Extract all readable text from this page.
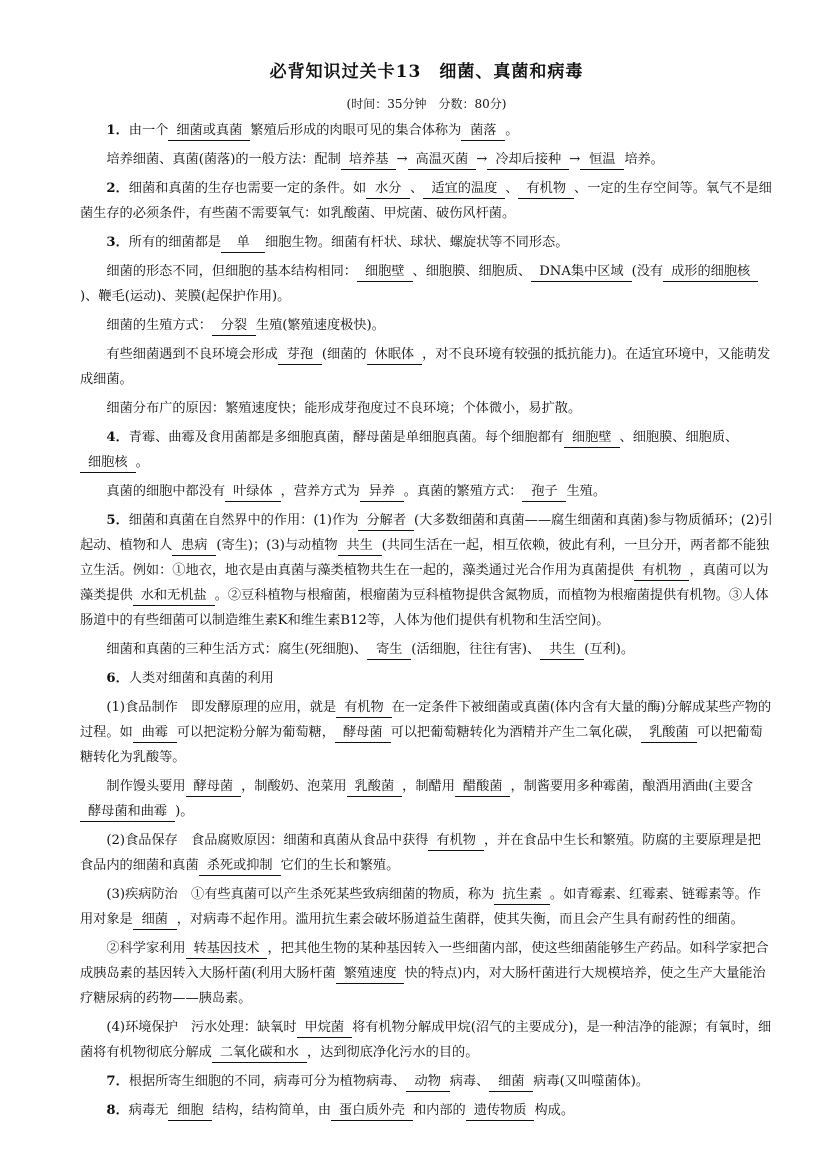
必背知识过关卡13　细菌、真菌和病毒
(时间：35分钟　分数：80分)
1．由一个 细菌或真菌 繁殖后形成的肉眼可见的集合体称为 菌落 。
培养细菌、真菌(菌落)的一般方法：配制 培养基 → 高温灭菌 → 冷却后接种 → 恒温 培养。
2．细菌和真菌的生存也需要一定的条件。如 水分 、 适宜的温度 、 有机物 、一定的生存空间等。氧气不是细菌生存的必须条件，有些菌不需要氧气：如乳酸菌、甲烷菌、破伤风杆菌。
3．所有的细菌都是 单 细胞生物。细菌有杆状、球状、螺旋状等不同形态。
细菌的形态不同，但细胞的基本结构相同： 细胞壁 、细胞膜、细胞质、 DNA集中区域 (没有 成形的细胞核)、鞭毛(运动)、荚膜(起保护作用)。
细菌的生殖方式： 分裂 生殖(繁殖速度极快)。
有些细菌遇到不良环境会形成 芽孢 (细菌的 休眠体 ，对不良环境有较强的抵抗能力)。在适宜环境中，又能萌发成细菌。
细菌分布广的原因：繁殖速度快；能形成芽孢度过不良环境；个体微小，易扩散。
4．青霉、曲霉及食用菌都是多细胞真菌，酵母菌是单细胞真菌。每个细胞都有 细胞壁 、细胞膜、细胞质、细胞核 。
真菌的细胞中都没有 叶绿体 ，营养方式为 异养 。真菌的繁殖方式： 孢子 生殖。
5．细菌和真菌在自然界中的作用：(1)作为 分解者 (大多数细菌和真菌——腐生细菌和真菌)参与物质循环；(2)引起动、植物和人 患病 (寄生)；(3)与动植物 共生 (共同生活在一起，相互依赖，彼此有利，一旦分开，两者都不能独立生活。例如：①地衣，地衣是由真菌与藻类植物共生在一起的，藻类通过光合作用为真菌提供 有机物 ，真菌可以为藻类提供 水和无机盐 。②豆科植物与根瘤菌，根瘤菌为豆科植物提供含氮物质，而植物为根瘤菌提供有机物。③人体肠道中的有些细菌可以制造维生素K和维生素B12等，人体为他们提供有机物和生活空间)。
细菌和真菌的三种生活方式：腐生(死细胞)、 寄生 (活细胞，往往有害)、 共生 (互利)。
6．人类对细菌和真菌的利用
(1)食品制作　即发酵原理的应用，就是 有机物 在一定条件下被细菌或真菌(体内含有大量的酶)分解成某些产物的过程。如 曲霉 可以把淀粉分解为葡萄糖， 酵母菌 可以把葡萄糖转化为酒精并产生二氧化碳， 乳酸菌 可以把葡萄糖转化为乳酸等。
制作馒头要用 酵母菌 ，制酸奶、泡菜用 乳酸菌 ，制醋用 醋酸菌 ，制酱要用多种霉菌，酿酒用酒曲(主要含酵母菌和曲霉 )。
(2)食品保存　食品腐败原因：细菌和真菌从食品中获得 有机物 ，并在食品中生长和繁殖。防腐的主要原理是把食品内的细菌和真菌 杀死或抑制 它们的生长和繁殖。
(3)疾病防治　①有些真菌可以产生杀死某些致病细菌的物质，称为 抗生素 。如青霉素、红霉素、链霉素等。作用对象是 细菌 ，对病毒不起作用。滥用抗生素会破坏肠道益生菌群，使其失衡，而且会产生具有耐药性的细菌。
②科学家利用 转基因技术 ，把其他生物的某种基因转入一些细菌内部，使这些细菌能够生产药品。如科学家把合成胰岛素的基因转入大肠杆菌(利用大肠杆菌 繁殖速度 快的特点)内，对大肠杆菌进行大规模培养，使之生产大量能治疗糖尿病的药物——胰岛素。
(4)环境保护　污水处理：缺氧时 甲烷菌 将有机物分解成甲烷(沼气的主要成分)，是一种洁净的能源；有氧时，细菌将有机物彻底分解成 二氧化碳和水 ，达到彻底净化污水的目的。
7．根据所寄生细胞的不同，病毒可分为植物病毒、 动物 病毒、 细菌 病毒(又叫噬菌体)。
8．病毒无 细胞 结构，结构简单，由 蛋白质外壳 和内部的 遗传物质 构成。
